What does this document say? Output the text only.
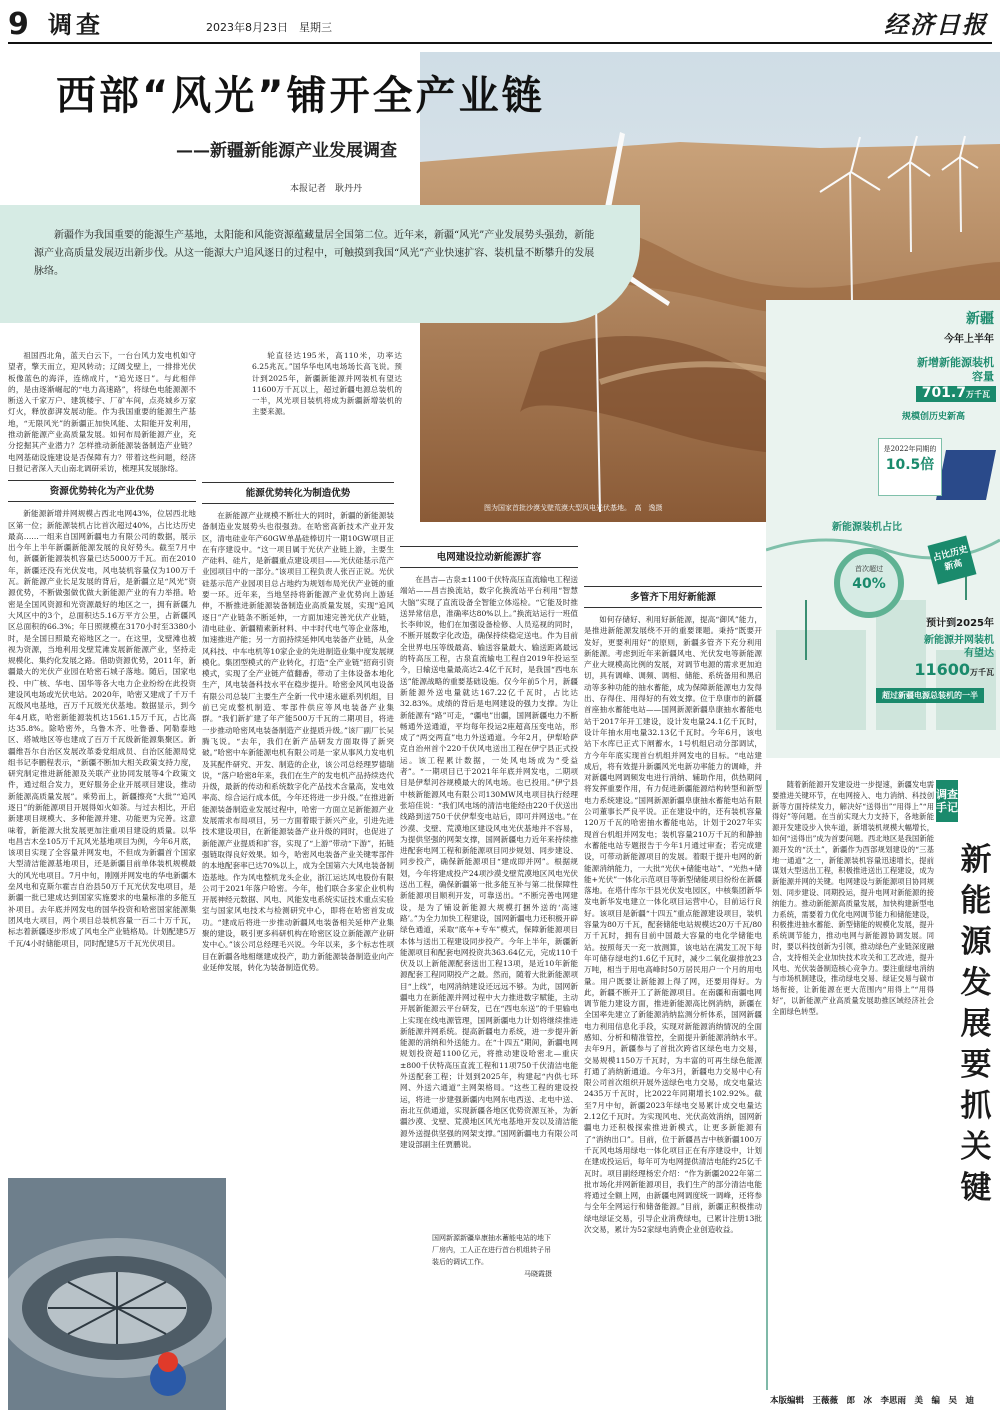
9 调查	2023年8月23日　星期三	经济日报
西部“风光”铺开全产业链
——新疆新能源产业发展调查
本报记者　耿丹丹

新疆作为我国重要的能源生产基地，太阳能和风能资源蕴藏量居全国第二位。近年来，新疆“风光”产业发展势头强劲，新能源产业高质量发展迈出新步伐。从这一能源大户追风逐日的过程中，可触摸到我国“风光”产业快速扩容、装机量不断攀升的发展脉络。

图为国家首批沙漠戈壁荒漠大型风电光伏基地。　高　逸摄

祖国西北角，蓝天白云下，一台台风力发电机如守望者，擎天而立，迎风转动；辽阔戈壁上，一排排光伏板像蓝色的海洋，连绵成片，“追光逐日”。与此相伴的，是由逐渐崛起的“电力高速路”，将绿色电能源源不断送入千家万户、建筑楼宇、厂矿车间，点亮城乡万家灯火，释放澎湃发展动能。作为我国重要的能源生产基地，“无限风光”的新疆正加快风能、太阳能开发利用，推动新能源产业高质量发展。如何布局新能源产业，充分挖掘其产业潜力？怎样推动新能源装备制造产业链？电网基础设施建设是否保障有力？带着这些问题，经济日报记者深入天山南北调研采访，梳理其发展脉络。

资源优势转化为产业优势

新能源新增并网规模占西北电网43%，位居西北地区第一位；新能源装机占比首次超过40%，占比达历史最高……一组来自国网新疆电力有限公司的数据，展示出今年上半年新疆新能源发展的良好势头。截至7月中旬，新疆新能源装机容量已达5000万千瓦。而在2010年，新疆还没有光伏发电，风电装机容量仅为100万千瓦。新能源产业长足发展的背后，是新疆立足“风光”资源优势，不断做强做优做大新能源产业的有力举措。哈密是全国风资源和光资源最好的地区之一，拥有新疆九大风区中的3个，总面积达5.16万平方公里，占新疆风区总面积的66.3%；年日照规模在3170小时至3380小时，是全国日照最充裕地区之一。在这里，戈壁滩也被视为资源，当地利用戈壁荒滩发展新能源产业，坚持走规模化、集约化发展之路。借助资源优势，2011年，新疆最大的光伏产业园在哈密石城子落地。随后，国家电投、中广核、华电、国华等各大电力企业纷纷在此投资建设风电场或光伏电站。2020年，哈密又建成了千万千瓦级风电基地，百万千瓦级光伏基地。数据显示，到今年4月底，哈密新能源装机达1561.15万千瓦，占比高达35.8%。除哈密外，乌鲁木齐、吐鲁番、阿勒泰地区、塔城地区等也建成了百万千瓦级新能源集聚区。新疆维吾尔自治区发展改革委党组成员、自治区能源局党组书记李鹏程表示，“新疆不断加大相关政策支持力度，研究制定推进新能源及关联产业协同发展等4个政策文件，通过组合发力，更好服务企业开展项目建设，推动新能源高质量发展”。乘势而上，新疆擦亮“大批”“追风逐日”的新能源项目开展得如火如荼。与过去相比，开启新建项目规模大、多种能源并建、功能更为完善。这意味着，新能源大批发展更加注重项目建设的质量。以华电昌吉木垒105万千瓦风光基地项目为例，今年6月底，该项目实现了全容量并网发电，不但成为新疆首个国家大型清洁能源基地项目，还是新疆目前单体装机规模最大的风光电项目。7月中旬，刚刚并网发电的华电新疆木垒风电和克斯尔霍吉自治县50万千瓦光伏发电项目，是新疆一批已建成达到国家实施要求的电量标准的多能互补项目。去年底并网发电的国华投资和哈密国家能源集团风电大项目，两个项目总装机容量一百二十万千瓦，标志着新疆逐步形成了风电全产业链格局。计划配建5万千瓦/4小时储能项目，同时配建5万千瓦光伏项目。

轮直径达195米，高110米，功率达6.25兆瓦。”国华华电风电场场长高飞说。预计到2025年，新疆新能源并网装机有望达11600万千瓦以上，超过新疆电源总装机的一半，风光项目装机将成为新疆新增装机的主要来源。

能源优势转化为制造优势

在新能源产业规模不断壮大的同时，新疆的新能源装备制造业发展势头也很强劲。在哈密高新技术产业开发区，清电硅业年产60GW单晶硅棒切片一期10GW项目正在有序建设中。“这一项目属于光伏产业链上游，主要生产硅料、硅片，是新疆重点建设项目——光伏硅基示范产业园项目中的一部分。”该项目工程负责人张百正说。光伏硅基示范产业园项目总占地约为规划布局光伏产业链的重要一环。近年来，当地坚持将新能源产业优势向上游延伸，不断推进新能源装备制造业高质量发展，实现“追风逐日”产业链条不断延伸，一方面加速完善光伏产业链，清电硅业、新疆精素新材料、中丰时代电气等企业落地，加速推进产能；另一方面持续延伸风电装备产业链，从金风科技、中车电机等10家企业的先进制造业集中度发展规模化。集团型模式的产业转化，打造“全产业链”招商引资模式，实现了全产业链产值翻番，带动了主体设备本地化生产，风电装备科技水平在稳步提升。哈密金风风电设备有限公司总装厂主要生产全新一代中速永磁系列机组，目前已完成整机制造、零部件供应等风电装备产业集群。“我们新扩建了年产能500万千瓦的二期项目，将进一步推动哈密风电装备制造产业提质升级。”该厂副厂长吴腾飞说。“去年，我们在新产品研发方面取得了新突破。”哈密中车新能源电机有限公司是一家从事风力发电机及其配件研究、开发、制造的企业，该公司总经理罗德瑞说，“落户哈密8年来，我们在生产的发电机产品持续迭代升级，最新的传动和系统数字化产品技术含量高，发电效率高、综合运行成本低，今年还将进一步升级。”在推进新能源装备制造业发展过程中，哈密一方面立足新能源产业发展需求布局项目，另一方面着眼于新兴产业，引进先进技术建设项目，在新能源装备产业升级的同时，也促进了新能源产业提质和扩容，实现了“上游”带动“下游”，拓链强链取得良好效果。如今，哈密风电装备产业关键零部件的本地配套率已达70%以上，成为全国第六大风电装备制造基地。作为风电整机龙头企业，浙江运达风电股份有限公司于2021年落户哈密。今年，他们联合多家企业机构开展神经元数据、风电、风能发电系统实证技术重点实验室与国家风电技术与检测研究中心，即将在哈密首发成功。“建成后将进一步推动新疆风电装备相关延伸产业集聚的建设，吸引更多科研机构在哈密区设立新能源产业研发中心。”该公司总经理毛兴说。今年以来，多个标志性项目在新疆各地相继建成投产，助力新能源装备制造业向产业延伸发展，转化为装备制造优势。

电网建设拉动新能源扩容

在昌吉—古泉±1100千伏特高压直流输电工程送端站——昌吉换流站，数字化换流站平台利用“智慧大脑”实现了直流设备全智能立体巡检。“它能及时推送异常信息，准确率达80%以上。”换流站运行一班值长李帅说，他们在加强设备检修、人员巡视的同时，不断开展数字化改造，确保持续稳定送电。作为目前全世界电压等级最高、输送容量最大、输送距离最远的特高压工程，古泉直流输电工程自2019年投运至今，日输送电量最高达2.4亿千瓦时，是我国“西电东送”能源战略的重要基础设施。仅今年前5个月，新疆新能源外送电量就达167.22亿千瓦时，占比达32.83%。成绩的背后是电网建设的强力支撑。为让新能源有“路”可走，“疆电”出疆，国网新疆电力不断畅通外送通道，平均每年投运2座超高压变电站，形成了“两交两直”电力外送通道。今年2月，伊犁哈萨克自治州首个220千伏风电送出工程在伊宁县正式投运。该工程累计数据，一处风电场成为“受益者”。“一期项目已于2021年年底并网发电，二期项目是伊犁河谷规模最大的风电场。也已投用。”伊宁县中核新能源风电有限公司130MW风电项目执行经理张培佳说：“我们风电场的清洁电能经由220千伏送出线路到送750千伏伊犁变电站后，即可并网送电。”在沙漠、戈壁、荒漠地区建设风电光伏基地并不容易，为提供坚强的网架支撑，国网新疆电力近年来持续推进配套电网工程和新能源项目同步规划、同步建设、同步投产，确保新能源项目“建成即并网”。根据规划，今年将建成投产24项沙漠戈壁荒漠地区风电光伏送出工程，确保新疆第一批多能互补与第二批保障性新能源项目顺利开发，可靠送出。“不断完善电网建设，是为了铺设新能源大规模打捆外送的‘高速路’。”为全力加快工程建设，国网新疆电力还积极开辟绿色通道，采取“底车+专车”模式，保障新能源项目本体与送出工程建设同步投产。今年上半年，新疆新能源项目和配套电网投资共363.64亿元，完成110千伏及以上新能源配套送出工程13项，是近10年新能源配套工程同期投产之最。然而，随着大批新能源项目“上线”，电网消纳建设还远远不够。为此，国网新疆电力在新能源并网过程中大力推进数字赋能，主动开展新能源云平台研发，已在“西电东送”的千里输电上实现在线电源管理，国网新疆电力计划将继续推进新能源并网系统。提高新疆电力系统，进一步提升新能源的消纳和外送能力。在“十四五”期间，新疆电网规划投资超1100亿元，将推动建设哈密北—重庆±800千伏特高压直流工程和11项750千伏清洁电能外送配套工程；计划到2025年，构建起“内供七环网、外送六通道”主网架格局。“这些工程的建设投运，将进一步建强新疆内电网东电西送、北电中送、南北互供通道，实现新疆各地区优势资源互补，为新疆沙漠、戈壁、荒漠地区风光电基地开发以及清洁能源外送提供坚强的网架支撑。”国网新疆电力有限公司建设部副主任贾鹏说。

多管齐下用好新能源

如何存储好、利用好新能源，提高“御风”能力，是推进新能源发展绕不开的重要课题。秉持“既要开发好，更要利用好”的原则，新疆多管齐下充分利用新能源。考虑到近年来新疆风电、光伏发电等新能源产业大规模高比例的发展，对调节电源的需求更加迫切，具有调峰、调频、调相、储能、系统备用和黑启动等多种功能的抽水蓄能，成为保障新能源电力发得出、存得住、用得好的有效支撑。位于阜康市的新疆首座抽水蓄能电站——国网新源新疆阜康抽水蓄能电站于2017年开工建设，设计发电量24.1亿千瓦时，设计年抽水用电量32.13亿千瓦时。今年6月，该电站下水库已正式下闸蓄水，1号机组启动分部调试，方今年年底实现首台机组并网发电的目标。“电站建成后，将有效提升新疆风光电新功率能力的调峰，并对新疆电网调频发电进行消纳、辅助作用，供热期间将发挥重要作用，有力促进新疆能源结构转型和新型电力系统建设。”国网新源新疆阜康抽水蓄能电站有限公司董事长严良平说。正在建设中的，还有装机容量120万千瓦的哈密抽水蓄能电站，计划于2027年实现首台机组并网发电；装机容量210万千瓦的和静抽水蓄能电站专题报告于今年1月通过审查；若完成建设，可带动新能源项目的发展。着眼于提升电网的新能源消纳能力，一大批“光伏+储能电站”、“光热+储能+光伏”一体化示范项目等新型储能项目纷纷在新疆落地。在塔什库尔干县光伏发电园区，中核集团新华发电新华发电建立一体化项目运营中心，目前运行良好。该项目是新疆“十四五”重点能源建设项目，装机容量为80万千瓦，配套储能电站规模达20万千瓦/80万千瓦时，拥有目前中国最大容量的电化学储能电站。按照每天一充一放测算，该电站在满发工况下每年可储存绿电约1.6亿千瓦时，减少二氧化碳排放23万吨，相当于用电高峰时50万居民用户一个月的用电量。用户既要让新能源上得了网，还要用得好。为此，新疆不断开工了新能源项目。在南疆和南疆电网调节能力建设方面，推进新能源高比例消纳，新疆在全国率先建立了新能源消纳监测分析体系，国网新疆电力利用信息化手段，实现对新能源消纳情况的全面感知、分析和精准管控，全面提升新能源消纳水平。去年9月，新疆参与了首批次跨省区绿色电力交易，交易规模1150万千瓦时，为丰富的可再生绿色能源打通了消纳新通道。今年3月，新疆电力交易中心有限公司首次组织开展外送绿色电力交易，成交电量达2435万千瓦时，比2022年同期增长102.92%。截至7月中旬，新疆2023年绿电交易累计成交电量达2.12亿千瓦时。为实现风电、光伏高效消纳，国网新疆电力还积极探索推进新模式，让更多新能源有了“消纳出口”。目前，位于新疆昌吉中核新疆100万千瓦风电场用绿电一体化项目正在有序建设中，计划在建成投运后，每年可为电网提供清洁电能约25亿千瓦时。项目副经理杨宏介绍：“作为新疆2022年第二批市场化并网新能源项目，我们生产的部分清洁电能将通过全额上网，由新疆电网调度统一调峰，还将参与全年全网运行和储备能源。”目前，新疆正积极推动绿电绿证交易，引导企业消费绿电，已累计注册13批次交易，累计为52家绿电消费企业创造收益。

国网新源新疆阜康抽水蓄能电站的地下厂房内，工人正在进行首台机组转子吊装后的调试工作。

马晓霞摄

新疆
今年上半年
新增新能源装机容量
701.7万千瓦
规模创历史新高
是2022年同期的
10.5倍
新能源装机占比
首次超过
40%
占比历史新高
预计到2025年
新能源并网装机有望达
11600万千瓦
超过新疆电源总装机的一半

随着新能源开发建设进一步提速，新疆发电需要推进关键环节，在电网接入、电力消纳、科技创新等方面持续发力，解决好“送得出”“用得上”“用得好”等问题。在当前实现大力支持下，各地新能源开发建设步入快车道，新增装机规模大幅增长，如何“送得出”成为首要问题。西北地区是我国新能源开发的“沃土”，新疆作为西部规划建设的“三基地一通道”之一，新能源装机容量迅速增长，提前谋划大型送出工程，积极推进送出工程建设，成为新能源并网的关键。电网建设与新能源项目协同规划、同步建设、同期投运，提升电网对新能源的接纳能力。推动新能源高质量发展，加快构建新型电力系统，需要着力优化电网调节能力和储能建设，积极推进抽水蓄能、新型储能的规模化发展，提升系统调节能力，推动电网与新能源协调发展。同时，要以科技创新为引领，推动绿色产业链深度融合，支持相关企业加快技术攻关和工艺改进，提升风电、光伏装备制造核心竞争力。要注重绿电消纳与市场机制建设，推动绿电交易、绿证交易与碳市场衔接，让新能源在更大范围内“用得上”“用得好”，以新能源产业高质量发展助推区域经济社会全面绿色转型。

调查手记
新能源发展要抓关键
本版编辑　王薇薇　郎　冰　李思雨　美　编　吴　迪
